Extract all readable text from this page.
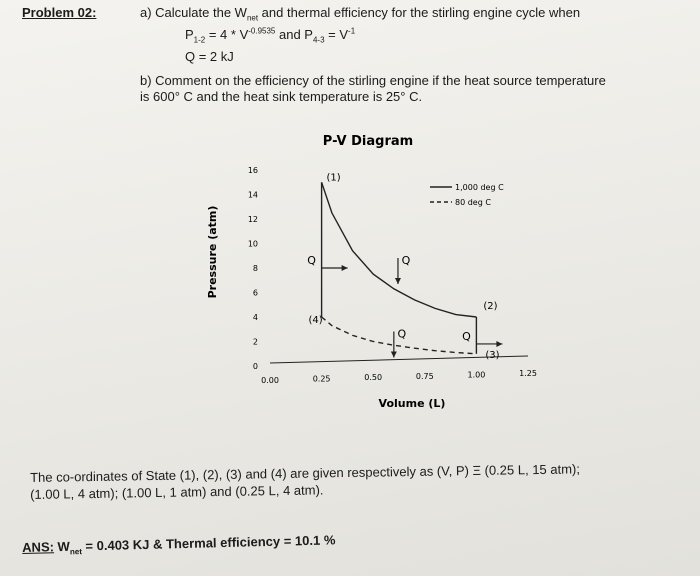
Problem 02:	a) Calculate the $W_{net}$ and thermal efficiency for the stirling engine cycle when
$P_{1-2} = 4 * V^{-0.9535}$ and $P_{4-3} = V^{-1}$
Q = 2 kJ
b) Comment on the efficiency of the stirling engine if the heat source temperature
is 600° C and the heat sink temperature is 25° C.
P-V Diagram
Pressure (atm)
Volume (L)
0.00	0.25	0.50	0.75	1.00	1.25
0
2
4
6
8
10
12
14
16
(1)
(2)
(3)
(4)
Q	Q
Q	Q
1,000 deg C
80 deg C
The co-ordinates of State (1), (2), (3) and (4) are given respectively as (V, P) Ξ (0.25 L, 15 atm);
(1.00 L, 4 atm); (1.00 L, 1 atm) and (0.25 L, 4 atm).
ANS: $W_{net} = 0.403$ KJ & Thermal efficiency = 10.1 %
